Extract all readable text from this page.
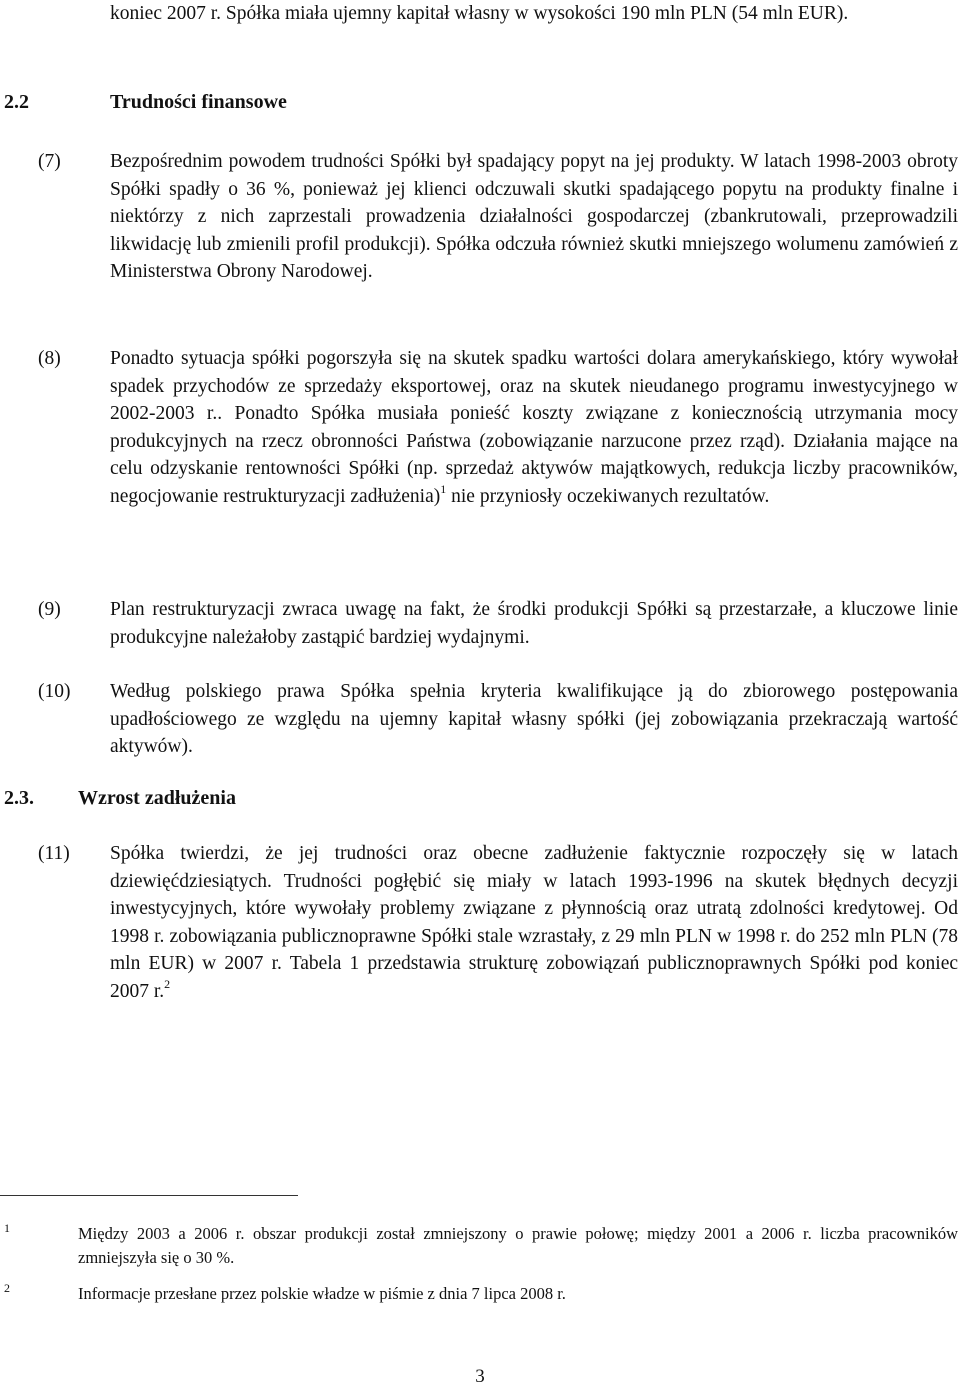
koniec 2007 r. Spółka miała ujemny kapitał własny w wysokości 190 mln PLN (54 mln EUR).
2.2	Trudności finansowe
(7)	Bezpośrednim powodem trudności Spółki był spadający popyt na jej produkty. W latach 1998-2003 obroty Spółki spadły o 36 %, ponieważ jej klienci odczuwali skutki spadającego popytu na produkty finalne i niektórzy z nich zaprzestali prowadzenia działalności gospodarczej (zbankrutowali, przeprowadzili likwidację lub zmienili profil produkcji). Spółka odczuła również skutki mniejszego wolumenu zamówień z Ministerstwa Obrony Narodowej.
(8)	Ponadto sytuacja spółki pogorszyła się na skutek spadku wartości dolara amerykańskiego, który wywołał spadek przychodów ze sprzedaży eksportowej, oraz na skutek nieudanego programu inwestycyjnego w 2002-2003 r.. Ponadto Spółka musiała ponieść koszty związane z koniecznością utrzymania mocy produkcyjnych na rzecz obronności Państwa (zobowiązanie narzucone przez rząd). Działania mające na celu odzyskanie rentowności Spółki (np. sprzedaż aktywów majątkowych, redukcja liczby pracowników, negocjowanie restrukturyzacji zadłużenia)$^1$ nie przyniosły oczekiwanych rezultatów.
(9)	Plan restrukturyzacji zwraca uwagę na fakt, że środki produkcji Spółki są przestarzałe, a kluczowe linie produkcyjne należałoby zastąpić bardziej wydajnymi.
(10) Według polskiego prawa Spółka spełnia kryteria kwalifikujące ją do zbiorowego postępowania upadłościowego ze względu na ujemny kapitał własny spółki (jej zobowiązania przekraczają wartość aktywów).
2.3. Wzrost zadłużenia
(11) Spółka twierdzi, że jej trudności oraz obecne zadłużenie faktycznie rozpoczęły się w latach dziewięćdziesiątych. Trudności pogłębić się miały w latach 1993-1996 na skutek błędnych decyzji inwestycyjnych, które wywołały problemy związane z płynnością oraz utratą zdolności kredytowej. Od 1998 r. zobowiązania publicznoprawne Spółki stale wzrastały, z 29 mln PLN w 1998 r. do 252 mln PLN (78 mln EUR) w 2007 r. Tabela 1 przedstawia strukturę zobowiązań publicznoprawnych Spółki pod koniec 2007 r.$^2$
1	Między 2003 a 2006 r. obszar produkcji został zmniejszony o prawie połowę; między 2001 a 2006 r. liczba pracowników zmniejszyła się o 30 %.
2	Informacje przesłane przez polskie władze w piśmie z dnia 7 lipca 2008 r.
3
